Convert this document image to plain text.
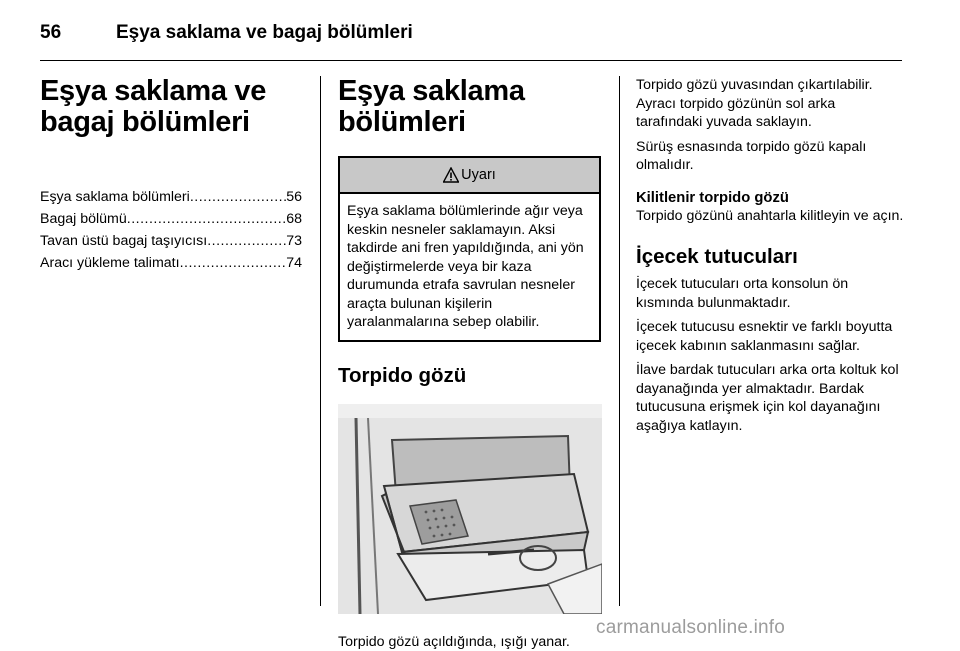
56	Eşya saklama ve bagaj bölümleri
Eşya saklama ve bagaj bölümleri
Eşya saklama bölümleri .....	56
Bagaj bölümü .....	68
Tavan üstü bagaj taşıyıcısı .....	73
Aracı yükleme talimatı .....	74
Eşya saklama bölümleri
Uyarı
Eşya saklama bölümlerinde ağır veya keskin nesneler saklamayın. Aksi takdirde ani fren yapıldığında, ani yön değiştirmelerde veya bir kaza durumunda etrafa savrulan nesneler araçta bulunan kişilerin yaralanmalarına sebep olabilir.
Torpido gözü
Torpido gözü açıldığında, ışığı yanar.

Torpido gözü yuvasından çıkartılabilir. Ayracı torpido gözünün sol arka tarafındaki yuvada saklayın.

Sürüş esnasında torpido gözü kapalı olmalıdır.

Kilitlenir torpido gözü

Torpido gözünü anahtarla kilitleyin ve açın.

İçecek tutucuları

İçecek tutucuları orta konsolun ön kısmında bulunmaktadır.

İçecek tutucusu esnektir ve farklı boyutta içecek kabının saklanmasını sağlar.

İlave bardak tutucuları arka orta koltuk kol dayanağında yer almaktadır. Bardak tutucusuna erişmek için kol dayanağını aşağıya katlayın.

carmanualsonline.info
